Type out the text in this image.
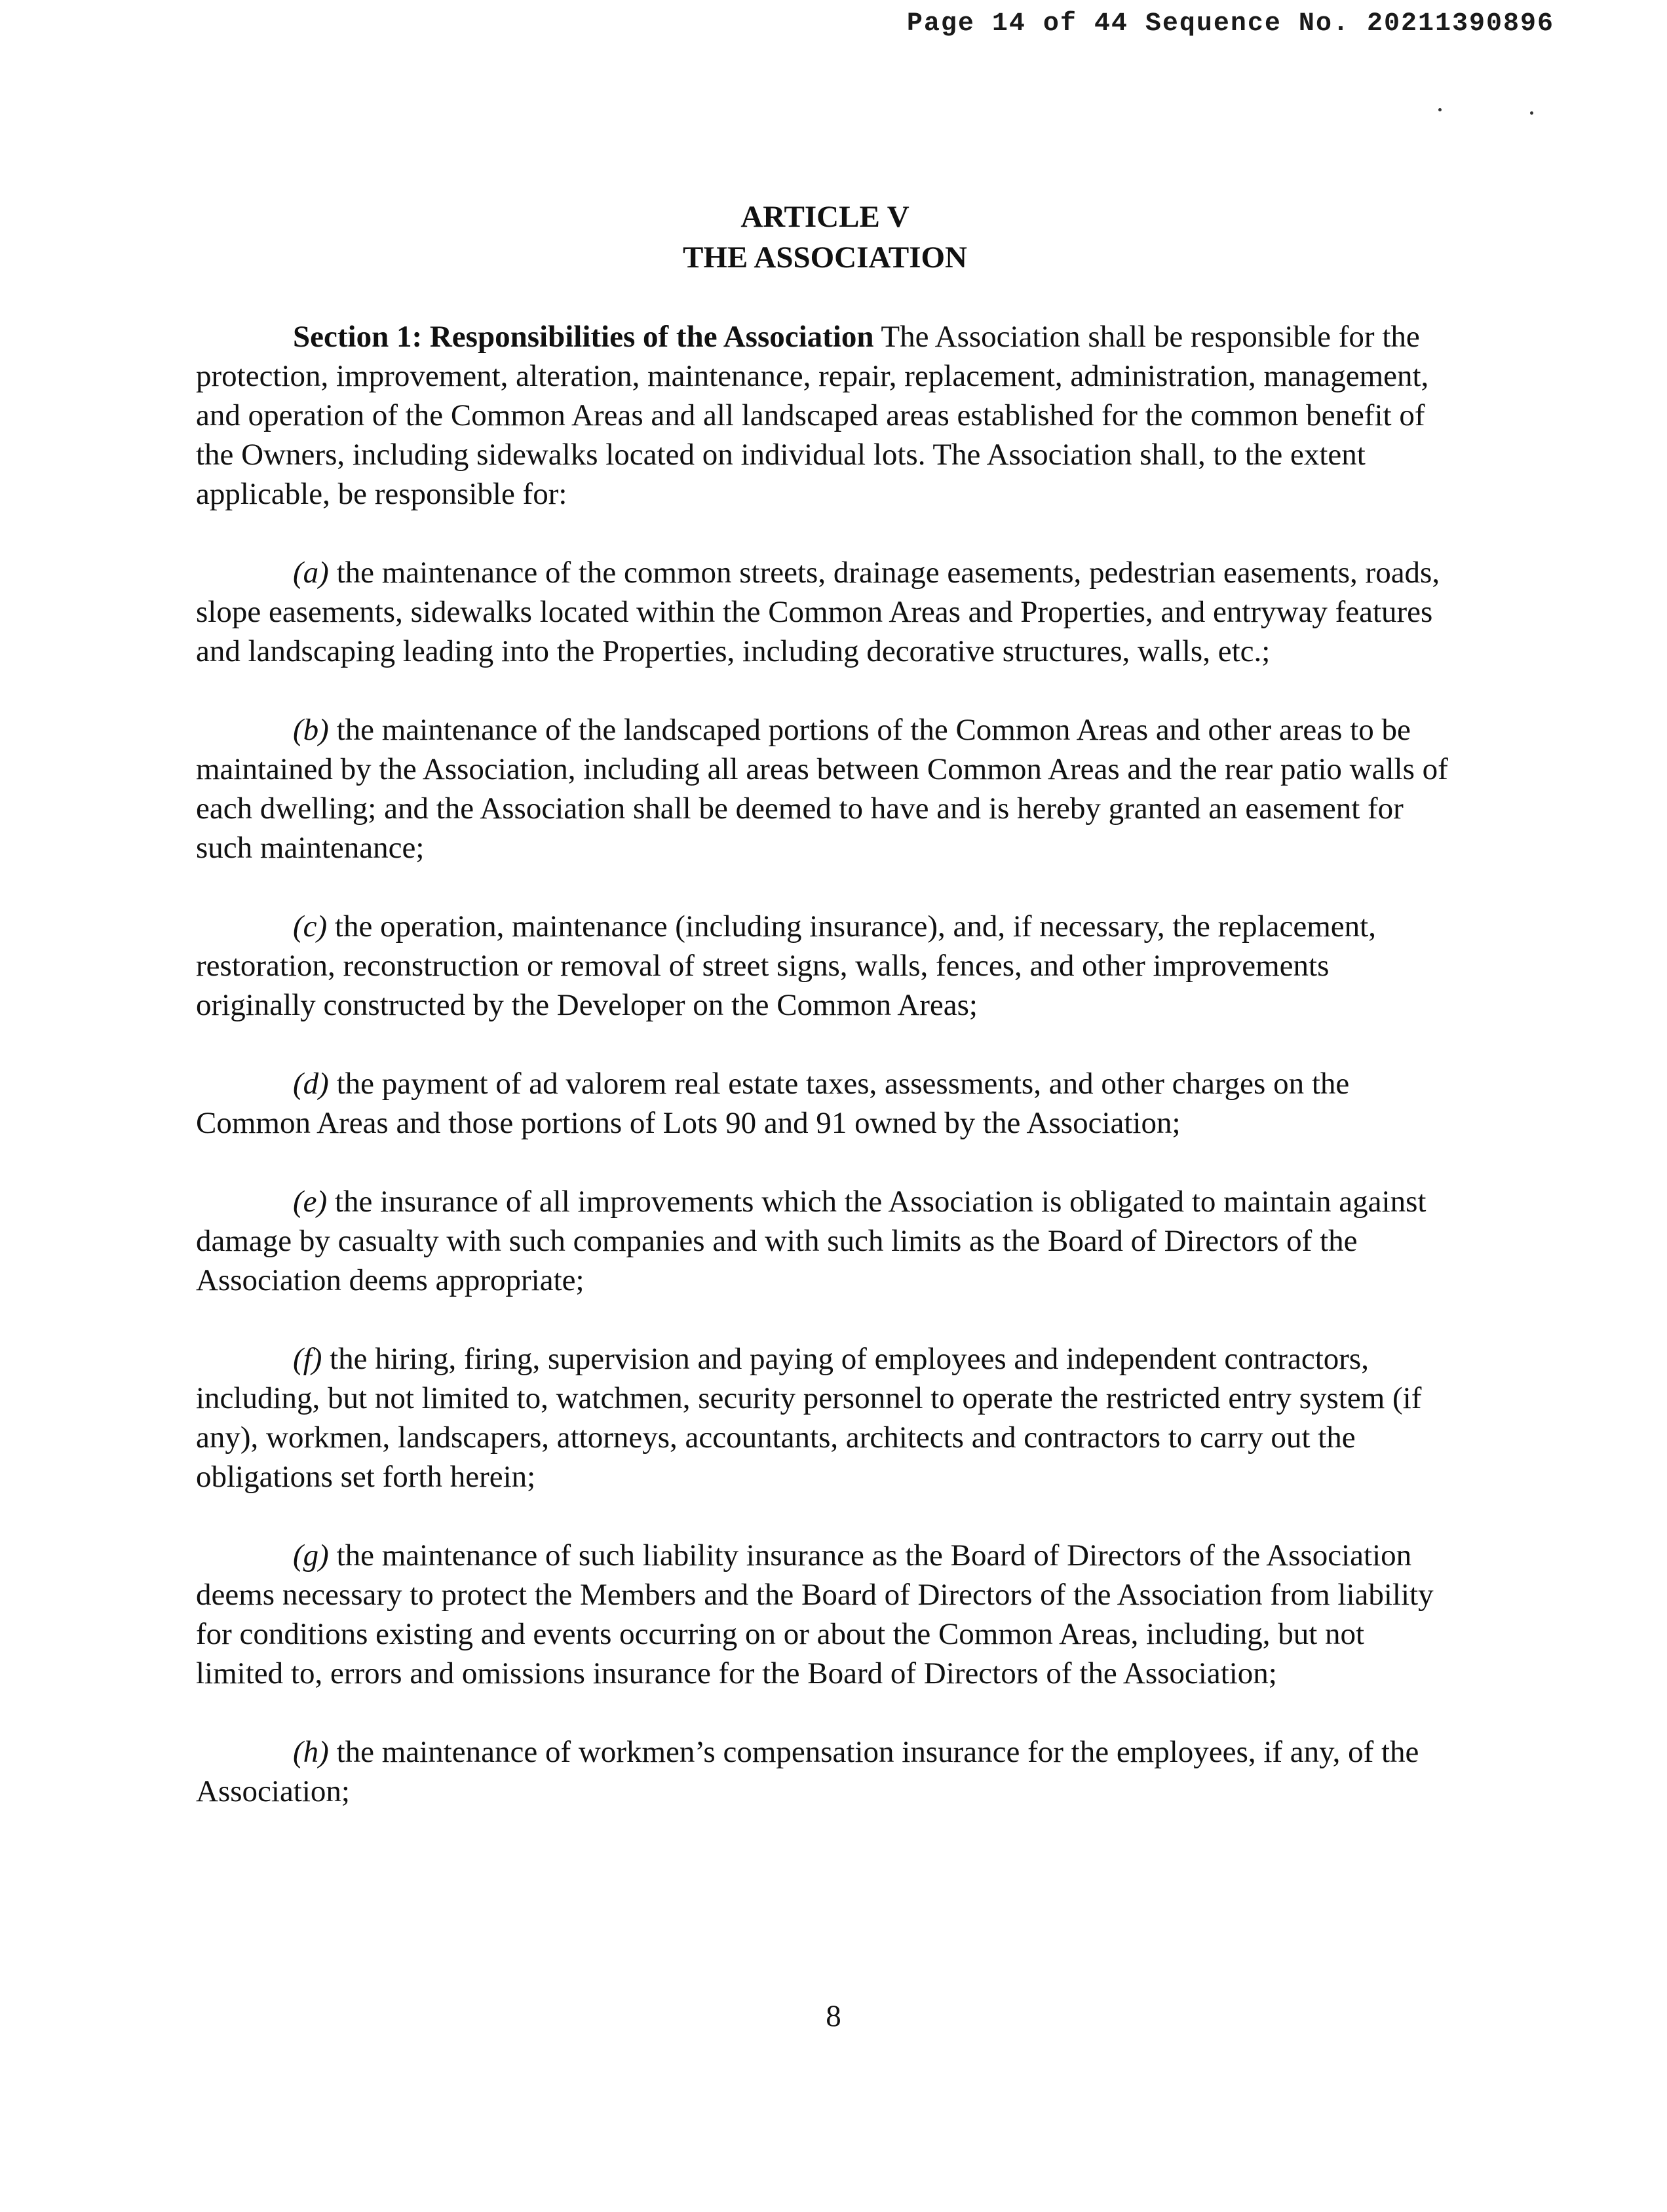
Page 14 of 44 Sequence No. 20211390896

ARTICLE V

THE ASSOCIATION

Section 1: Responsibilities of the Association The Association shall be responsible for the protection, improvement, alteration, maintenance, repair, replacement, administration, management, and operation of the Common Areas and all landscaped areas established for the common benefit of the Owners, including sidewalks located on individual lots. The Association shall, to the extent applicable, be responsible for:

(a) the maintenance of the common streets, drainage easements, pedestrian easements, roads, slope easements, sidewalks located within the Common Areas and Properties, and entryway features and landscaping leading into the Properties, including decorative structures, walls, etc.;

(b) the maintenance of the landscaped portions of the Common Areas and other areas to be maintained by the Association, including all areas between Common Areas and the rear patio walls of each dwelling; and the Association shall be deemed to have and is hereby granted an easement for such maintenance;

(c) the operation, maintenance (including insurance), and, if necessary, the replacement, restoration, reconstruction or removal of street signs, walls, fences, and other improvements originally constructed by the Developer on the Common Areas;

(d) the payment of ad valorem real estate taxes, assessments, and other charges on the Common Areas and those portions of Lots 90 and 91 owned by the Association;

(e) the insurance of all improvements which the Association is obligated to maintain against damage by casualty with such companies and with such limits as the Board of Directors of the Association deems appropriate;

(f) the hiring, firing, supervision and paying of employees and independent contractors, including, but not limited to, watchmen, security personnel to operate the restricted entry system (if any), workmen, landscapers, attorneys, accountants, architects and contractors to carry out the obligations set forth herein;

(g) the maintenance of such liability insurance as the Board of Directors of the Association deems necessary to protect the Members and the Board of Directors of the Association from liability for conditions existing and events occurring on or about the Common Areas, including, but not limited to, errors and omissions insurance for the Board of Directors of the Association;

(h) the maintenance of workmen’s compensation insurance for the employees, if any, of the Association;

8
